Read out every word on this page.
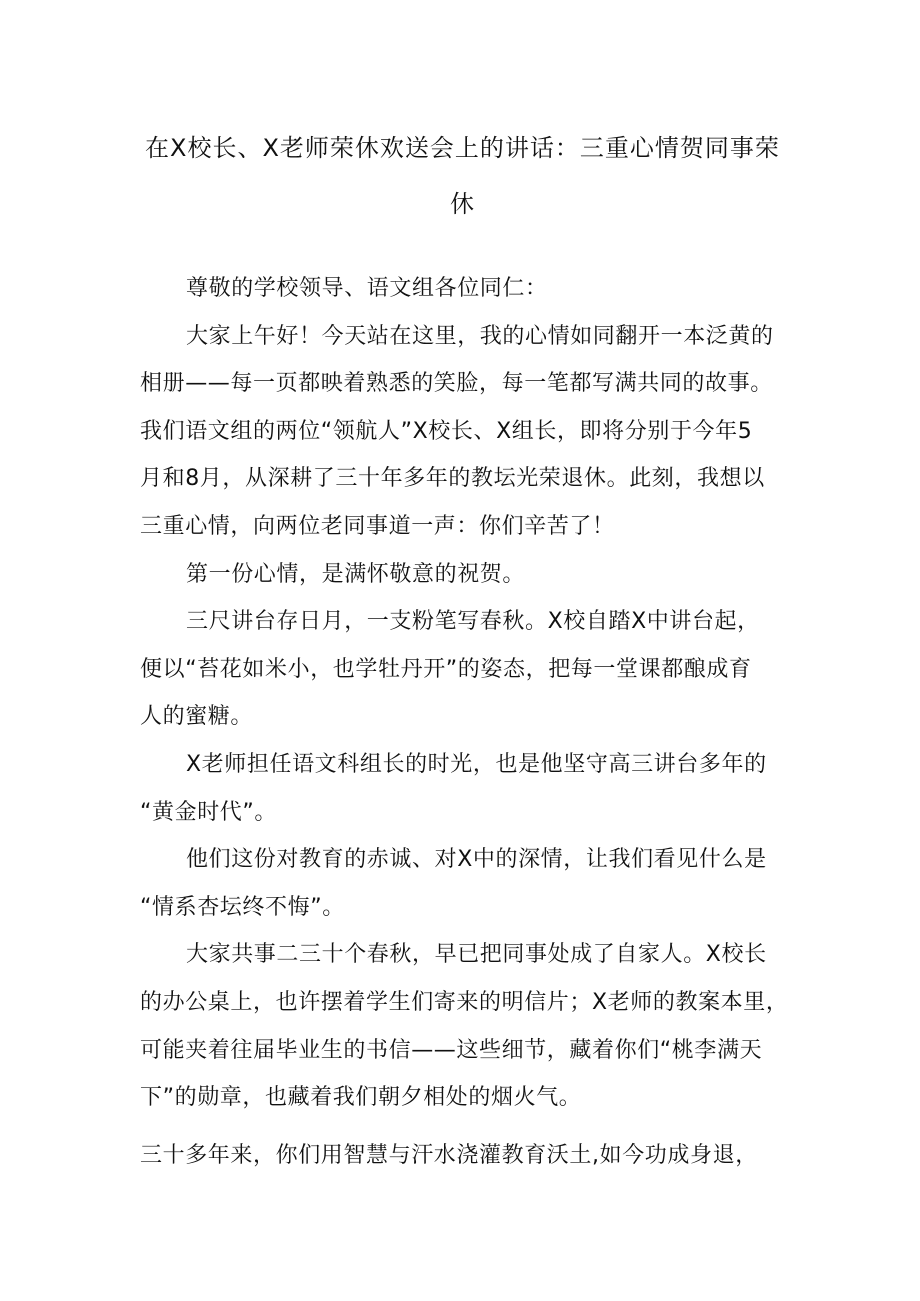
在X校长、X老师荣休欢送会上的讲话：三重心情贺同事荣
休

尊敬的学校领导、语文组各位同仁：

大家上午好！今天站在这里，我的心情如同翻开一本泛黄的

相册——每一页都映着熟悉的笑脸，每一笔都写满共同的故事。

我们语文组的两位“领航人”X校长、X组长，即将分别于今年5

月和8月，从深耕了三十年多年的教坛光荣退休。此刻，我想以

三重心情，向两位老同事道一声：你们辛苦了！

第一份心情，是满怀敬意的祝贺。

三尺讲台存日月，一支粉笔写春秋。X校自踏X中讲台起，

便以“苔花如米小，也学牡丹开”的姿态，把每一堂课都酿成育

人的蜜糖。

X老师担任语文科组长的时光，也是他坚守高三讲台多年的

“黄金时代”。

他们这份对教育的赤诚、对X中的深情，让我们看见什么是

“情系杏坛终不悔”。

大家共事二三十个春秋，早已把同事处成了自家人。X校长

的办公桌上，也许摆着学生们寄来的明信片；X老师的教案本里，

可能夹着往届毕业生的书信——这些细节，藏着你们“桃李满天

下”的勋章，也藏着我们朝夕相处的烟火气。

三十多年来，你们用智慧与汗水浇灌教育沃土,如今功成身退，
